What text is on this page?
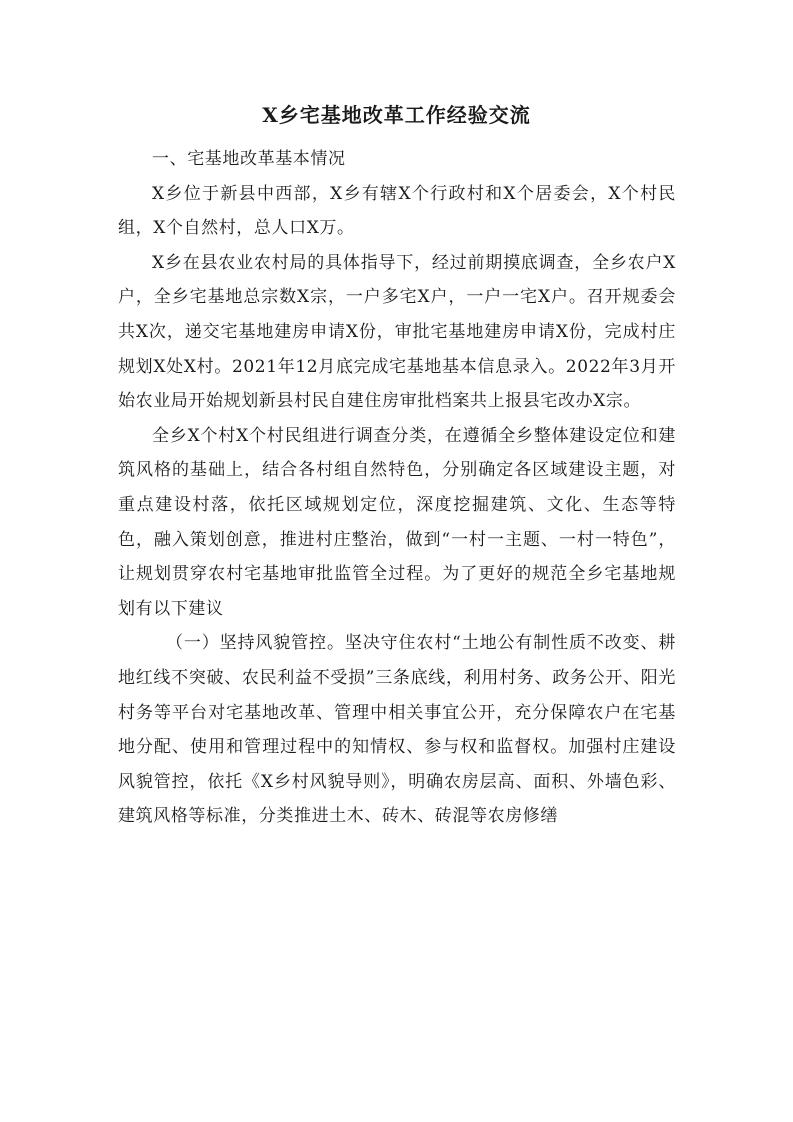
X乡宅基地改革工作经验交流

一、宅基地改革基本情况

X乡位于新县中西部，X乡有辖X个行政村和X个居委会，X个村民组，X个自然村，总人口X万。

X乡在县农业农村局的具体指导下，经过前期摸底调查，全乡农户X户，全乡宅基地总宗数X宗，一户多宅X户，一户一宅X户。召开规委会共X次，递交宅基地建房申请X份，审批宅基地建房申请X份，完成村庄规划X处X村。2021年12月底完成宅基地基本信息录入。2022年3月开始农业局开始规划新县村民自建住房审批档案共上报县宅改办X宗。

全乡X个村X个村民组进行调查分类，在遵循全乡整体建设定位和建筑风格的基础上，结合各村组自然特色，分别确定各区域建设主题，对重点建设村落，依托区域规划定位，深度挖掘建筑、文化、生态等特色，融入策划创意，推进村庄整治，做到“一村一主题、一村一特色”，让规划贯穿农村宅基地审批监管全过程。为了更好的规范全乡宅基地规划有以下建议

（一）坚持风貌管控。坚决守住农村“土地公有制性质不改变、耕地红线不突破、农民利益不受损”三条底线，利用村务、政务公开、阳光村务等平台对宅基地改革、管理中相关事宜公开，充分保障农户在宅基地分配、使用和管理过程中的知情权、参与权和监督权。加强村庄建设风貌管控，依托《X乡村风貌导则》，明确农房层高、面积、外墙色彩、建筑风格等标准，分类推进土木、砖木、砖混等农房修缮
